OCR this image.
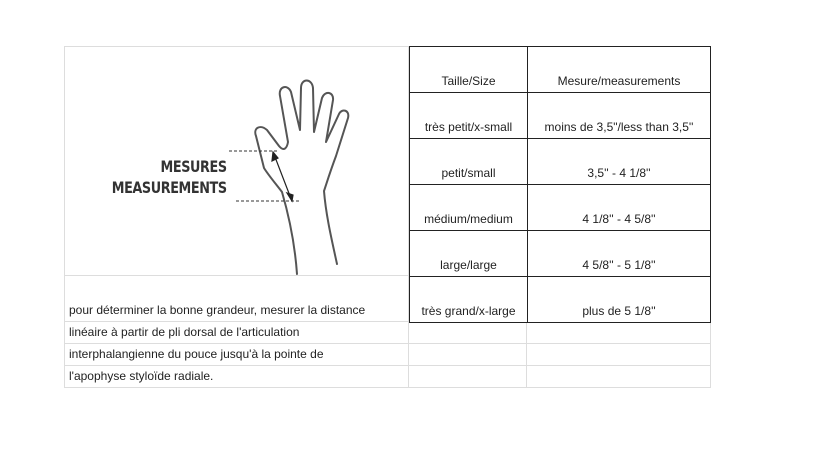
MESURES
MEASUREMENTS
Taille/Size	Mesure/measurements
très petit/x-small	moins de 3,5"/less than 3,5''
petit/small	3,5'' - 4 1/8''
médium/medium	4 1/8'' - 4 5/8''
large/large	4 5/8'' - 5 1/8''
très grand/x-large	plus de 5 1/8''
pour déterminer la bonne grandeur, mesurer la distance
linéaire à partir de pli dorsal de l'articulation
interphalangienne du pouce jusqu'à la pointe de
l'apophyse styloïde radiale.
